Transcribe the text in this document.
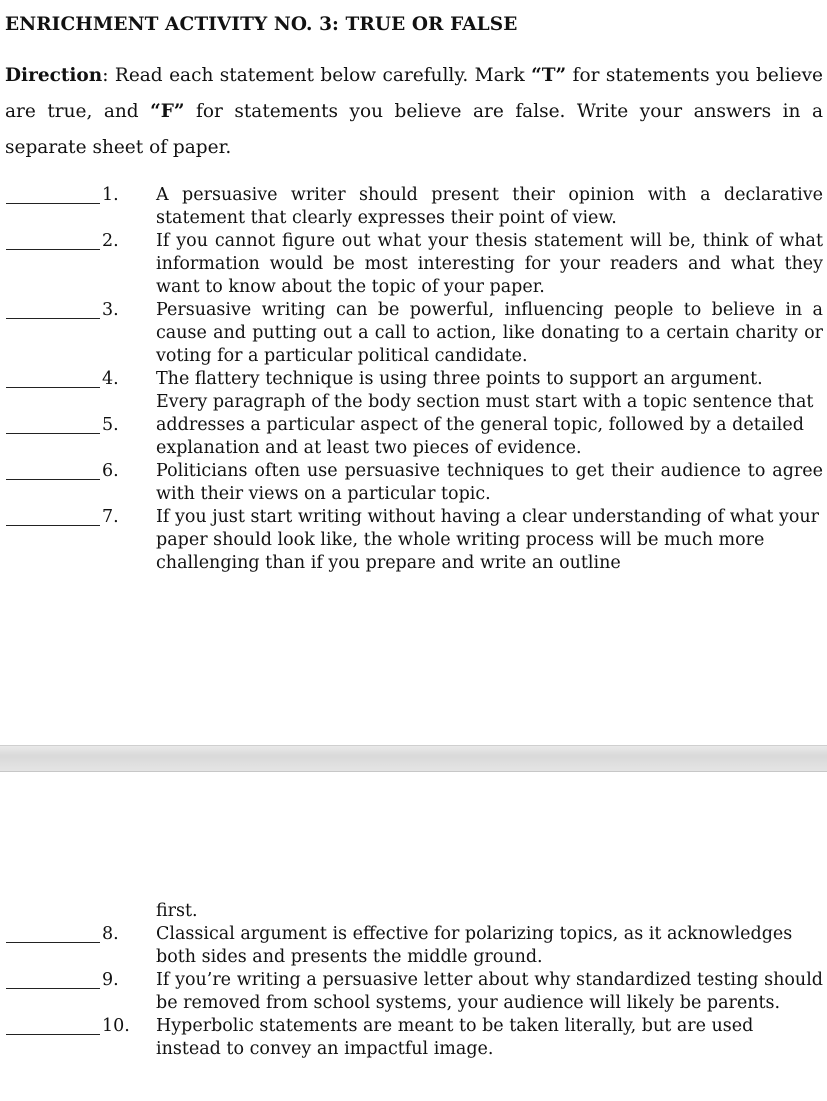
ENRICHMENT ACTIVITY NO. 3: TRUE OR FALSE
Direction: Read each statement below carefully. Mark “T” for statements you believe are true, and “F” for statements you believe are false. Write your answers in a separate sheet of paper.
1. A persuasive writer should present their opinion with a declarative statement that clearly expresses their point of view.
2. If you cannot figure out what your thesis statement will be, think of what information would be most interesting for your readers and what they want to know about the topic of your paper.
3. Persuasive writing can be powerful, influencing people to believe in a cause and putting out a call to action, like donating to a certain charity or voting for a particular political candidate.
4. The flattery technique is using three points to support an argument.
5.
Every paragraph of the body section must start with a topic sentence that addresses a particular aspect of the general topic, followed by a detailed explanation and at least two pieces of evidence.
6. Politicians often use persuasive techniques to get their audience to agree with their views on a particular topic.
7. If you just start writing without having a clear understanding of what your paper should look like, the whole writing process will be much more challenging than if you prepare and write an outline
first.
8. Classical argument is effective for polarizing topics, as it acknowledges both sides and presents the middle ground.
9. If you’re writing a persuasive letter about why standardized testing should be removed from school systems, your audience will likely be parents.
10. Hyperbolic statements are meant to be taken literally, but are used instead to convey an impactful image.
